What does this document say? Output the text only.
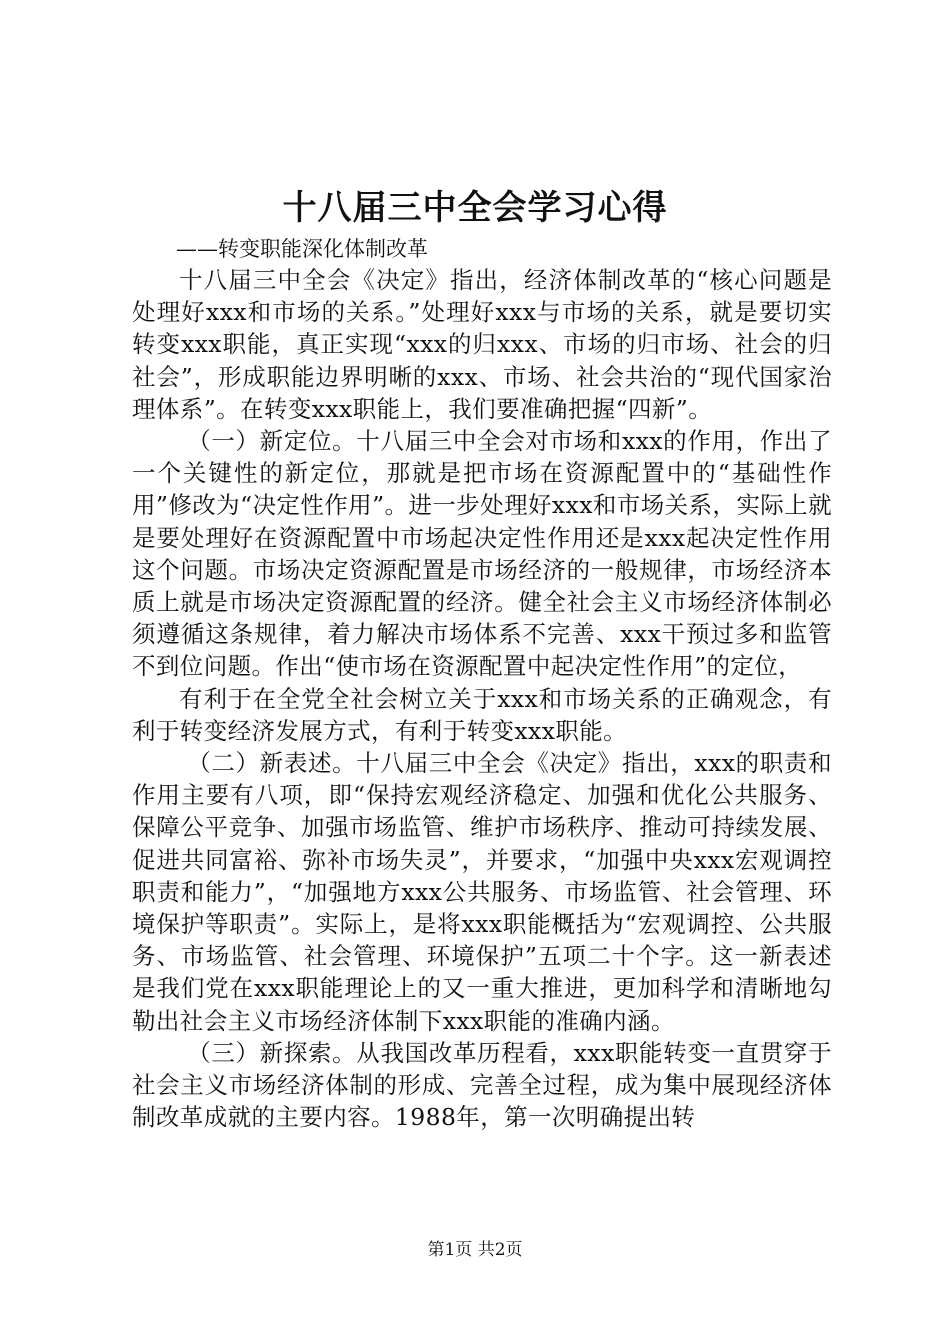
十八届三中全会学习心得
——转变职能深化体制改革

十八届三中全会《决定》指出，经济体制改革的“核心问题是处理好xxx和市场的关系。”处理好xxx与市场的关系，就是要切实转变xxx职能，真正实现“xxx的归xxx、市场的归市场、社会的归社会”，形成职能边界明晰的xxx、市场、社会共治的“现代国家治理体系”。在转变xxx职能上，我们要准确把握“四新”。

（一）新定位。十八届三中全会对市场和xxx的作用，作出了一个关键性的新定位，那就是把市场在资源配置中的“基础性作用”修改为“决定性作用”。进一步处理好xxx和市场关系，实际上就是要处理好在资源配置中市场起决定性作用还是xxx起决定性作用这个问题。市场决定资源配置是市场经济的一般规律，市场经济本质上就是市场决定资源配置的经济。健全社会主义市场经济体制必须遵循这条规律，着力解决市场体系不完善、xxx干预过多和监管不到位问题。作出“使市场在资源配置中起决定性作用”的定位，

有利于在全党全社会树立关于xxx和市场关系的正确观念，有利于转变经济发展方式，有利于转变xxx职能。

（二）新表述。十八届三中全会《决定》指出，xxx的职责和作用主要有八项，即“保持宏观经济稳定、加强和优化公共服务、保障公平竞争、加强市场监管、维护市场秩序、推动可持续发展、促进共同富裕、弥补市场失灵”，并要求，“加强中央xxx宏观调控职责和能力”，“加强地方xxx公共服务、市场监管、社会管理、环境保护等职责”。实际上，是将xxx职能概括为“宏观调控、公共服务、市场监管、社会管理、环境保护”五项二十个字。这一新表述是我们党在xxx职能理论上的又一重大推进，更加科学和清晰地勾勒出社会主义市场经济体制下xxx职能的准确内涵。

（三）新探索。从我国改革历程看，xxx职能转变一直贯穿于社会主义市场经济体制的形成、完善全过程，成为集中展现经济体制改革成就的主要内容。1988年，第一次明确提出转

第1页 共2页
